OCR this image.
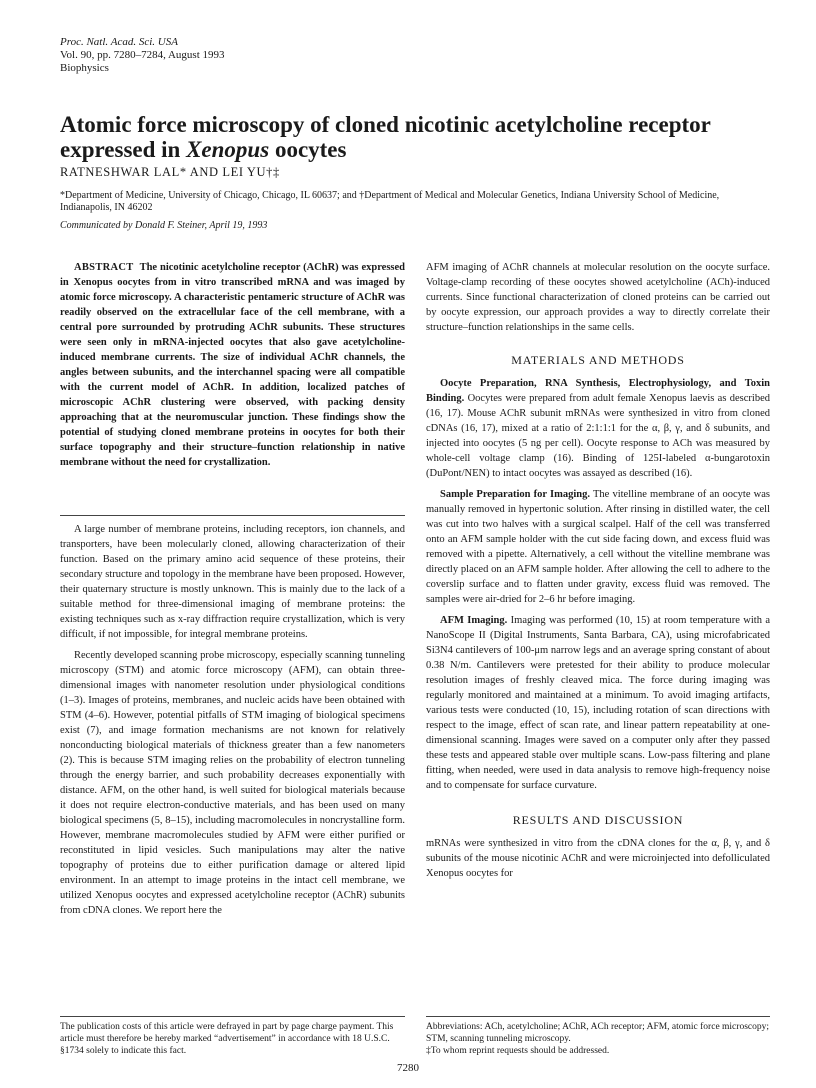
Proc. Natl. Acad. Sci. USA
Vol. 90, pp. 7280–7284, August 1993
Biophysics
Atomic force microscopy of cloned nicotinic acetylcholine receptor
expressed in Xenopus oocytes
RATNESHWAR LAL* AND LEI YU†‡
*Department of Medicine, University of Chicago, Chicago, IL 60637; and †Department of Medical and Molecular Genetics, Indiana University School of Medicine, Indianapolis, IN 46202
Communicated by Donald F. Steiner, April 19, 1993

ABSTRACT The nicotinic acetylcholine receptor (AChR) was expressed in Xenopus oocytes from in vitro transcribed mRNA and was imaged by atomic force microscopy. A characteristic pentameric structure of AChR was readily observed on the extracellular face of the cell membrane, with a central pore surrounded by protruding AChR subunits. These structures were seen only in mRNA-injected oocytes that also gave acetylcholine-induced membrane currents. The size of individual AChR channels, the angles between subunits, and the interchannel spacing were all compatible with the current model of AChR. In addition, localized patches of microscopic AChR clustering were observed, with packing density approaching that at the neuromuscular junction. These findings show the potential of studying cloned membrane proteins in oocytes for both their surface topography and their structure–function relationship in native membrane without the need for crystallization.

A large number of membrane proteins, including receptors, ion channels, and transporters, have been molecularly cloned, allowing characterization of their function. Based on the primary amino acid sequence of these proteins, their secondary structure and topology in the membrane have been proposed. However, their quaternary structure is mostly unknown. This is mainly due to the lack of a suitable method for three-dimensional imaging of membrane proteins: the existing techniques such as x-ray diffraction require crystallization, which is very difficult, if not impossible, for integral membrane proteins.

Recently developed scanning probe microscopy, especially scanning tunneling microscopy (STM) and atomic force microscopy (AFM), can obtain three-dimensional images with nanometer resolution under physiological conditions (1–3). Images of proteins, membranes, and nucleic acids have been obtained with STM (4–6). However, potential pitfalls of STM imaging of biological specimens exist (7), and image formation mechanisms are not known for relatively nonconducting biological materials of thickness greater than a few nanometers (2). This is because STM imaging relies on the probability of electron tunneling through the energy barrier, and such probability decreases exponentially with distance. AFM, on the other hand, is well suited for biological materials because it does not require electron-conductive materials, and has been used on many biological specimens (5, 8–15), including macromolecules in noncrystalline form. However, membrane macromolecules studied by AFM were either purified or reconstituted in lipid vesicles. Such manipulations may alter the native topography of proteins due to either purification damage or altered lipid environment. In an attempt to image proteins in the intact cell membrane, we utilized Xenopus oocytes and expressed acetylcholine receptor (AChR) subunits from cDNA clones. We report here the

AFM imaging of AChR channels at molecular resolution on the oocyte surface. Voltage-clamp recording of these oocytes showed acetylcholine (ACh)-induced currents. Since functional characterization of cloned proteins can be carried out by oocyte expression, our approach provides a way to directly correlate their structure–function relationships in the same cells.

MATERIALS AND METHODS

Oocyte Preparation, RNA Synthesis, Electrophysiology, and Toxin Binding. Oocytes were prepared from adult female Xenopus laevis as described (16, 17). Mouse AChR subunit mRNAs were synthesized in vitro from cloned cDNAs (16, 17), mixed at a ratio of 2:1:1:1 for the α, β, γ, and δ subunits, and injected into oocytes (5 ng per cell). Oocyte response to ACh was measured by whole-cell voltage clamp (16). Binding of 125I-labeled α-bungarotoxin (DuPont/NEN) to intact oocytes was assayed as described (16).

Sample Preparation for Imaging. The vitelline membrane of an oocyte was manually removed in hypertonic solution. After rinsing in distilled water, the cell was cut into two halves with a surgical scalpel. Half of the cell was transferred onto an AFM sample holder with the cut side facing down, and excess fluid was removed with a pipette. Alternatively, a cell without the vitelline membrane was directly placed on an AFM sample holder. After allowing the cell to adhere to the coverslip surface and to flatten under gravity, excess fluid was removed. The samples were air-dried for 2–6 hr before imaging.

AFM Imaging. Imaging was performed (10, 15) at room temperature with a NanoScope II (Digital Instruments, Santa Barbara, CA), using microfabricated Si3N4 cantilevers of 100-μm narrow legs and an average spring constant of about 0.38 N/m. Cantilevers were pretested for their ability to produce molecular resolution images of freshly cleaved mica. The force during imaging was regularly monitored and maintained at a minimum. To avoid imaging artifacts, various tests were conducted (10, 15), including rotation of scan directions with respect to the image, effect of scan rate, and linear pattern repeatability at one-dimensional scanning. Images were saved on a computer only after they passed these tests and appeared stable over multiple scans. Low-pass filtering and plane fitting, when needed, were used in data analysis to remove high-frequency noise and to compensate for surface curvature.

RESULTS AND DISCUSSION

mRNAs were synthesized in vitro from the cDNA clones for the α, β, γ, and δ subunits of the mouse nicotinic AChR and were microinjected into defolliculated Xenopus oocytes for

The publication costs of this article were defrayed in part by page charge payment. This article must therefore be hereby marked “advertisement” in accordance with 18 U.S.C. §1734 solely to indicate this fact.
Abbreviations: ACh, acetylcholine; AChR, ACh receptor; AFM, atomic force microscopy; STM, scanning tunneling microscopy.
‡To whom reprint requests should be addressed.
7280
